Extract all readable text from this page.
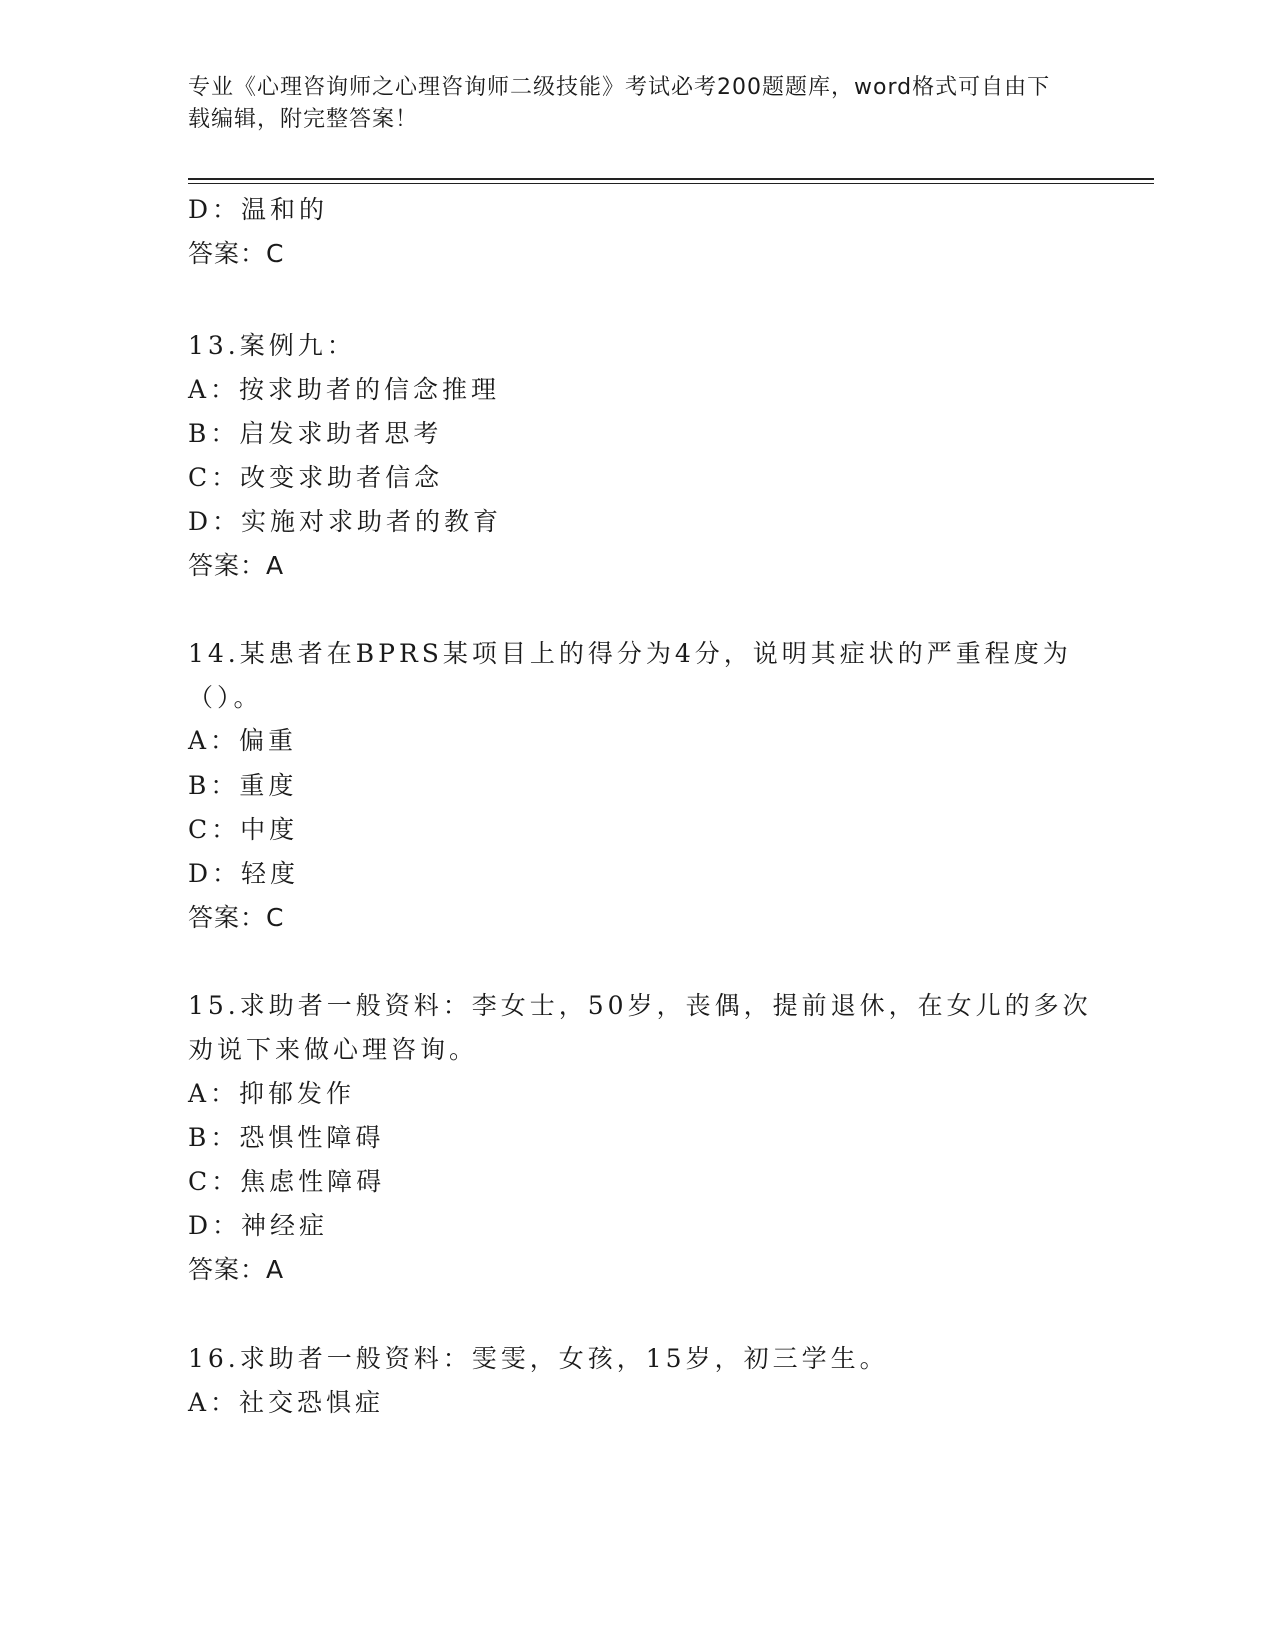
专业《心理咨询师之心理咨询师二级技能》考试必考200题题库，word格式可自由下载编辑，附完整答案！
D：温和的
答案：C
13.案例九：
A：按求助者的信念推理
B：启发求助者思考
C：改变求助者信念
D：实施对求助者的教育
答案：A
14.某患者在BPRS某项目上的得分为4分，说明其症状的严重程度为
（）。
A：偏重
B：重度
C：中度
D：轻度
答案：C
15.求助者一般资料：李女士，50岁，丧偶，提前退休，在女儿的多次
劝说下来做心理咨询。
A：抑郁发作
B：恐惧性障碍
C：焦虑性障碍
D：神经症
答案：A
16.求助者一般资料：雯雯，女孩，15岁，初三学生。
A：社交恐惧症
